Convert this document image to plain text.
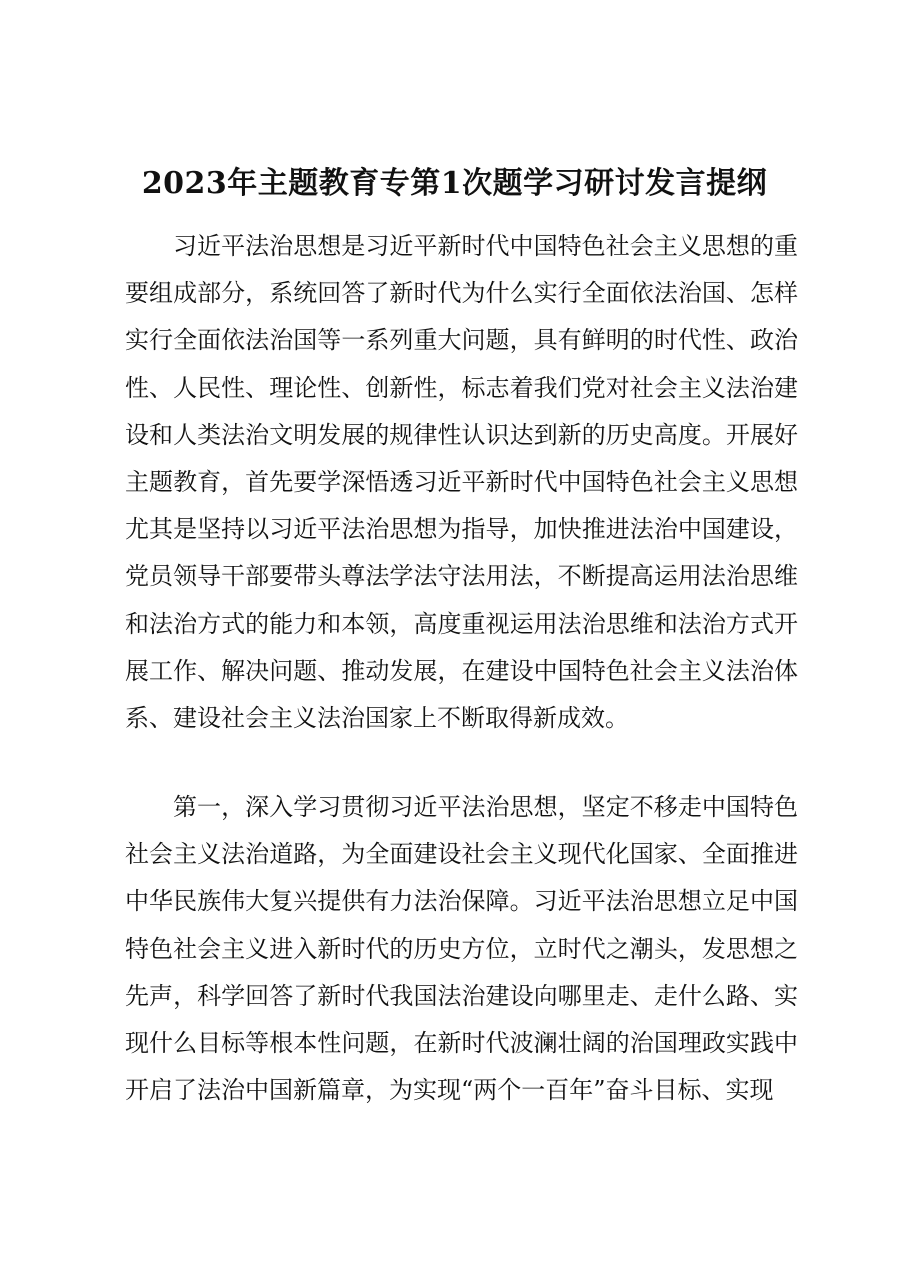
2023年主题教育专第1次题学习研讨发言提纲

习近平法治思想是习近平新时代中国特色社会主义思想的重要组成部分，系统回答了新时代为什么实行全面依法治国、怎样实行全面依法治国等一系列重大问题，具有鲜明的时代性、政治性、人民性、理论性、创新性，标志着我们党对社会主义法治建设和人类法治文明发展的规律性认识达到新的历史高度。开展好主题教育，首先要学深悟透习近平新时代中国特色社会主义思想尤其是坚持以习近平法治思想为指导，加快推进法治中国建设，党员领导干部要带头尊法学法守法用法，不断提高运用法治思维和法治方式的能力和本领，高度重视运用法治思维和法治方式开展工作、解决问题、推动发展，在建设中国特色社会主义法治体系、建设社会主义法治国家上不断取得新成效。

第一，深入学习贯彻习近平法治思想，坚定不移走中国特色社会主义法治道路，为全面建设社会主义现代化国家、全面推进中华民族伟大复兴提供有力法治保障。习近平法治思想立足中国特色社会主义进入新时代的历史方位，立时代之潮头，发思想之先声，科学回答了新时代我国法治建设向哪里走、走什么路、实现什么目标等根本性问题，在新时代波澜壮阔的治国理政实践中开启了法治中国新篇章，为实现“两个一百年”奋斗目标、实现
